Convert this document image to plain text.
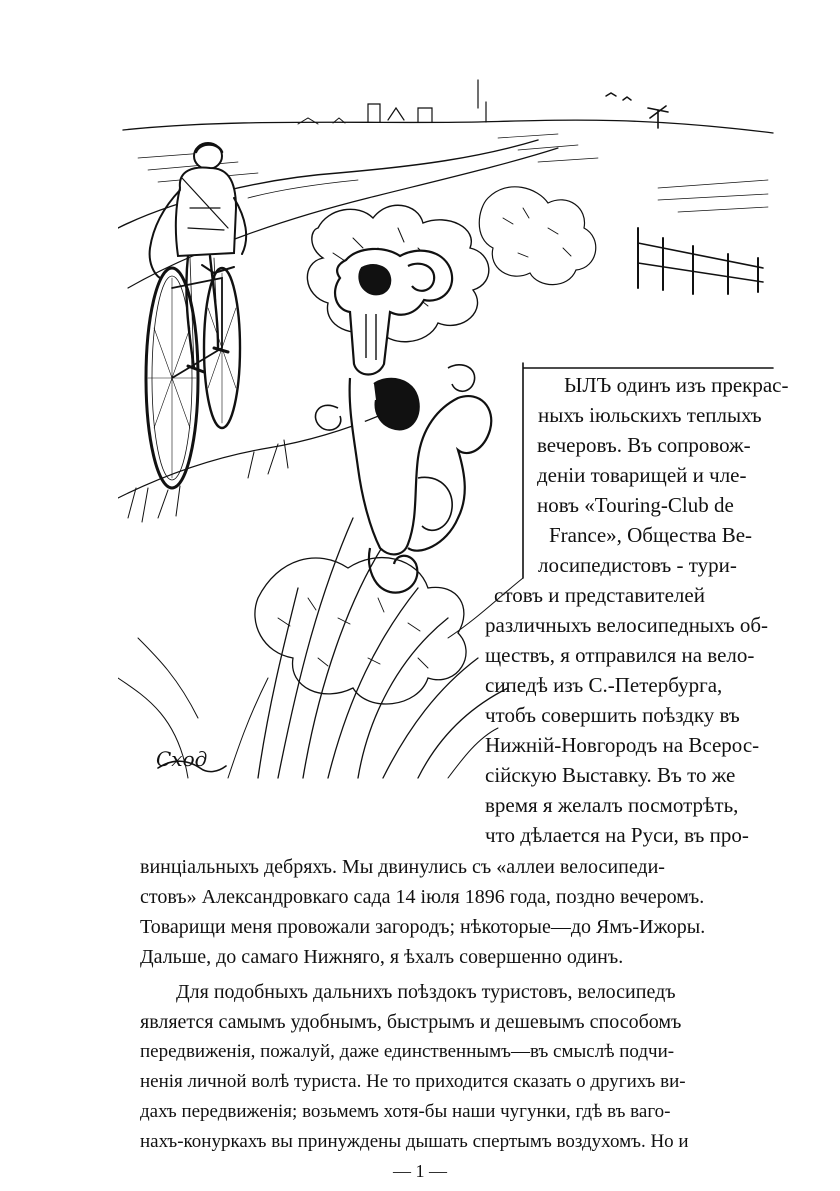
Сход
ЫЛЪ одинъ изъ прекрас-
ныхъ іюльскихъ теплыхъ
вечеровъ. Въ сопровож-
деніи товарищей и чле-
новъ «Touring-Club de
France», Общества Ве-
лосипедистовъ - тури-
стовъ и представителей
различныхъ велосипедныхъ об-
ществъ, я отправился на вело-
сипедѣ изъ С.-Петербурга,
чтобъ совершить поѣздку въ
Нижній-Новгородъ на Всерос-
сійскую Выставку. Въ то же
время я желалъ посмотрѣть,
что дѣлается на Руси, въ про-
винціальныхъ дебряхъ. Мы двинулись съ «аллеи велосипеди-
стовъ» Александровкаго сада 14 іюля 1896 года, поздно вечеромъ.
Товарищи меня провожали загородъ; нѣкоторые—до Ямъ-Ижоры.
Дальше, до самаго Нижняго, я ѣхалъ совершенно одинъ.
Для подобныхъ дальнихъ поѣздокъ туристовъ, велосипедъ
является самымъ удобнымъ, быстрымъ и дешевымъ способомъ
передвиженія, пожалуй, даже единственнымъ—въ смыслѣ подчи-
ненія личной волѣ туриста. Не то приходится сказать о другихъ ви-
дахъ передвиженія; возьмемъ хотя-бы наши чугунки, гдѣ въ ваго-
нахъ-конуркахъ вы принуждены дышать спертымъ воздухомъ. Но и
— 1 —
